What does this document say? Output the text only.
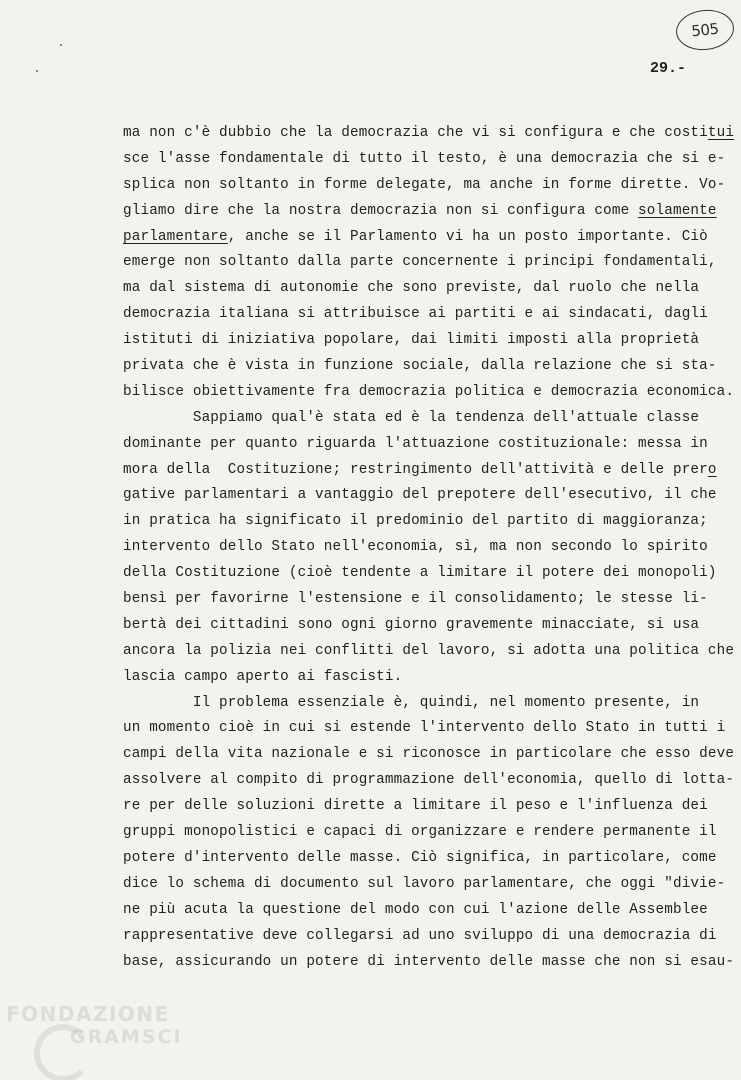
505
29.-
ma non c'è dubbio che la democrazia che vi si configura e che costitui
sce l'asse fondamentale di tutto il testo, è una democrazia che si e-
splica non soltanto in forme delegate, ma anche in forme dirette. Vo-
gliamo dire che la nostra democrazia non si configura come solamente
parlamentare, anche se il Parlamento vi ha un posto importante. Ciò
emerge non soltanto dalla parte concernente i principi fondamentali,
ma dal sistema di autonomie che sono previste, dal ruolo che nella
democrazia italiana si attribuisce ai partiti e ai sindacati, dagli
istituti di iniziativa popolare, dai limiti imposti alla proprietà
privata che è vista in funzione sociale, dalla relazione che si sta-
bilisce obiettivamente fra democrazia politica e democrazia economica.
Sappiamo qual'è stata ed è la tendenza dell'attuale classe
dominante per quanto riguarda l'attuazione costituzionale: messa in
mora della  Costituzione; restringimento dell'attività e delle prero
gative parlamentari a vantaggio del prepotere dell'esecutivo, il che
in pratica ha significato il predominio del partito di maggioranza;
intervento dello Stato nell'economia, sì, ma non secondo lo spirito
della Costituzione (cioè tendente a limitare il potere dei monopoli)
bensì per favorirne l'estensione e il consolidamento; le stesse li-
bertà dei cittadini sono ogni giorno gravemente minacciate, si usa
ancora la polizia nei conflitti del lavoro, si adotta una politica che
lascia campo aperto ai fascisti.
Il problema essenziale è, quindi, nel momento presente, in
un momento cioè in cui si estende l'intervento dello Stato in tutti i
campi della vita nazionale e si riconosce in particolare che esso deve
assolvere al compito di programmazione dell'economia, quello di lotta-
re per delle soluzioni dirette a limitare il peso e l'influenza dei
gruppi monopolistici e capaci di organizzare e rendere permanente il
potere d'intervento delle masse. Ciò significa, in particolare, come
dice lo schema di documento sul lavoro parlamentare, che oggi "divie-
ne più acuta la questione del modo con cui l'azione delle Assemblee
rappresentative deve collegarsi ad uno sviluppo di una democrazia di
base, assicurando un potere di intervento delle masse che non si esau-
FONDAZIONE
GRAMSCI
